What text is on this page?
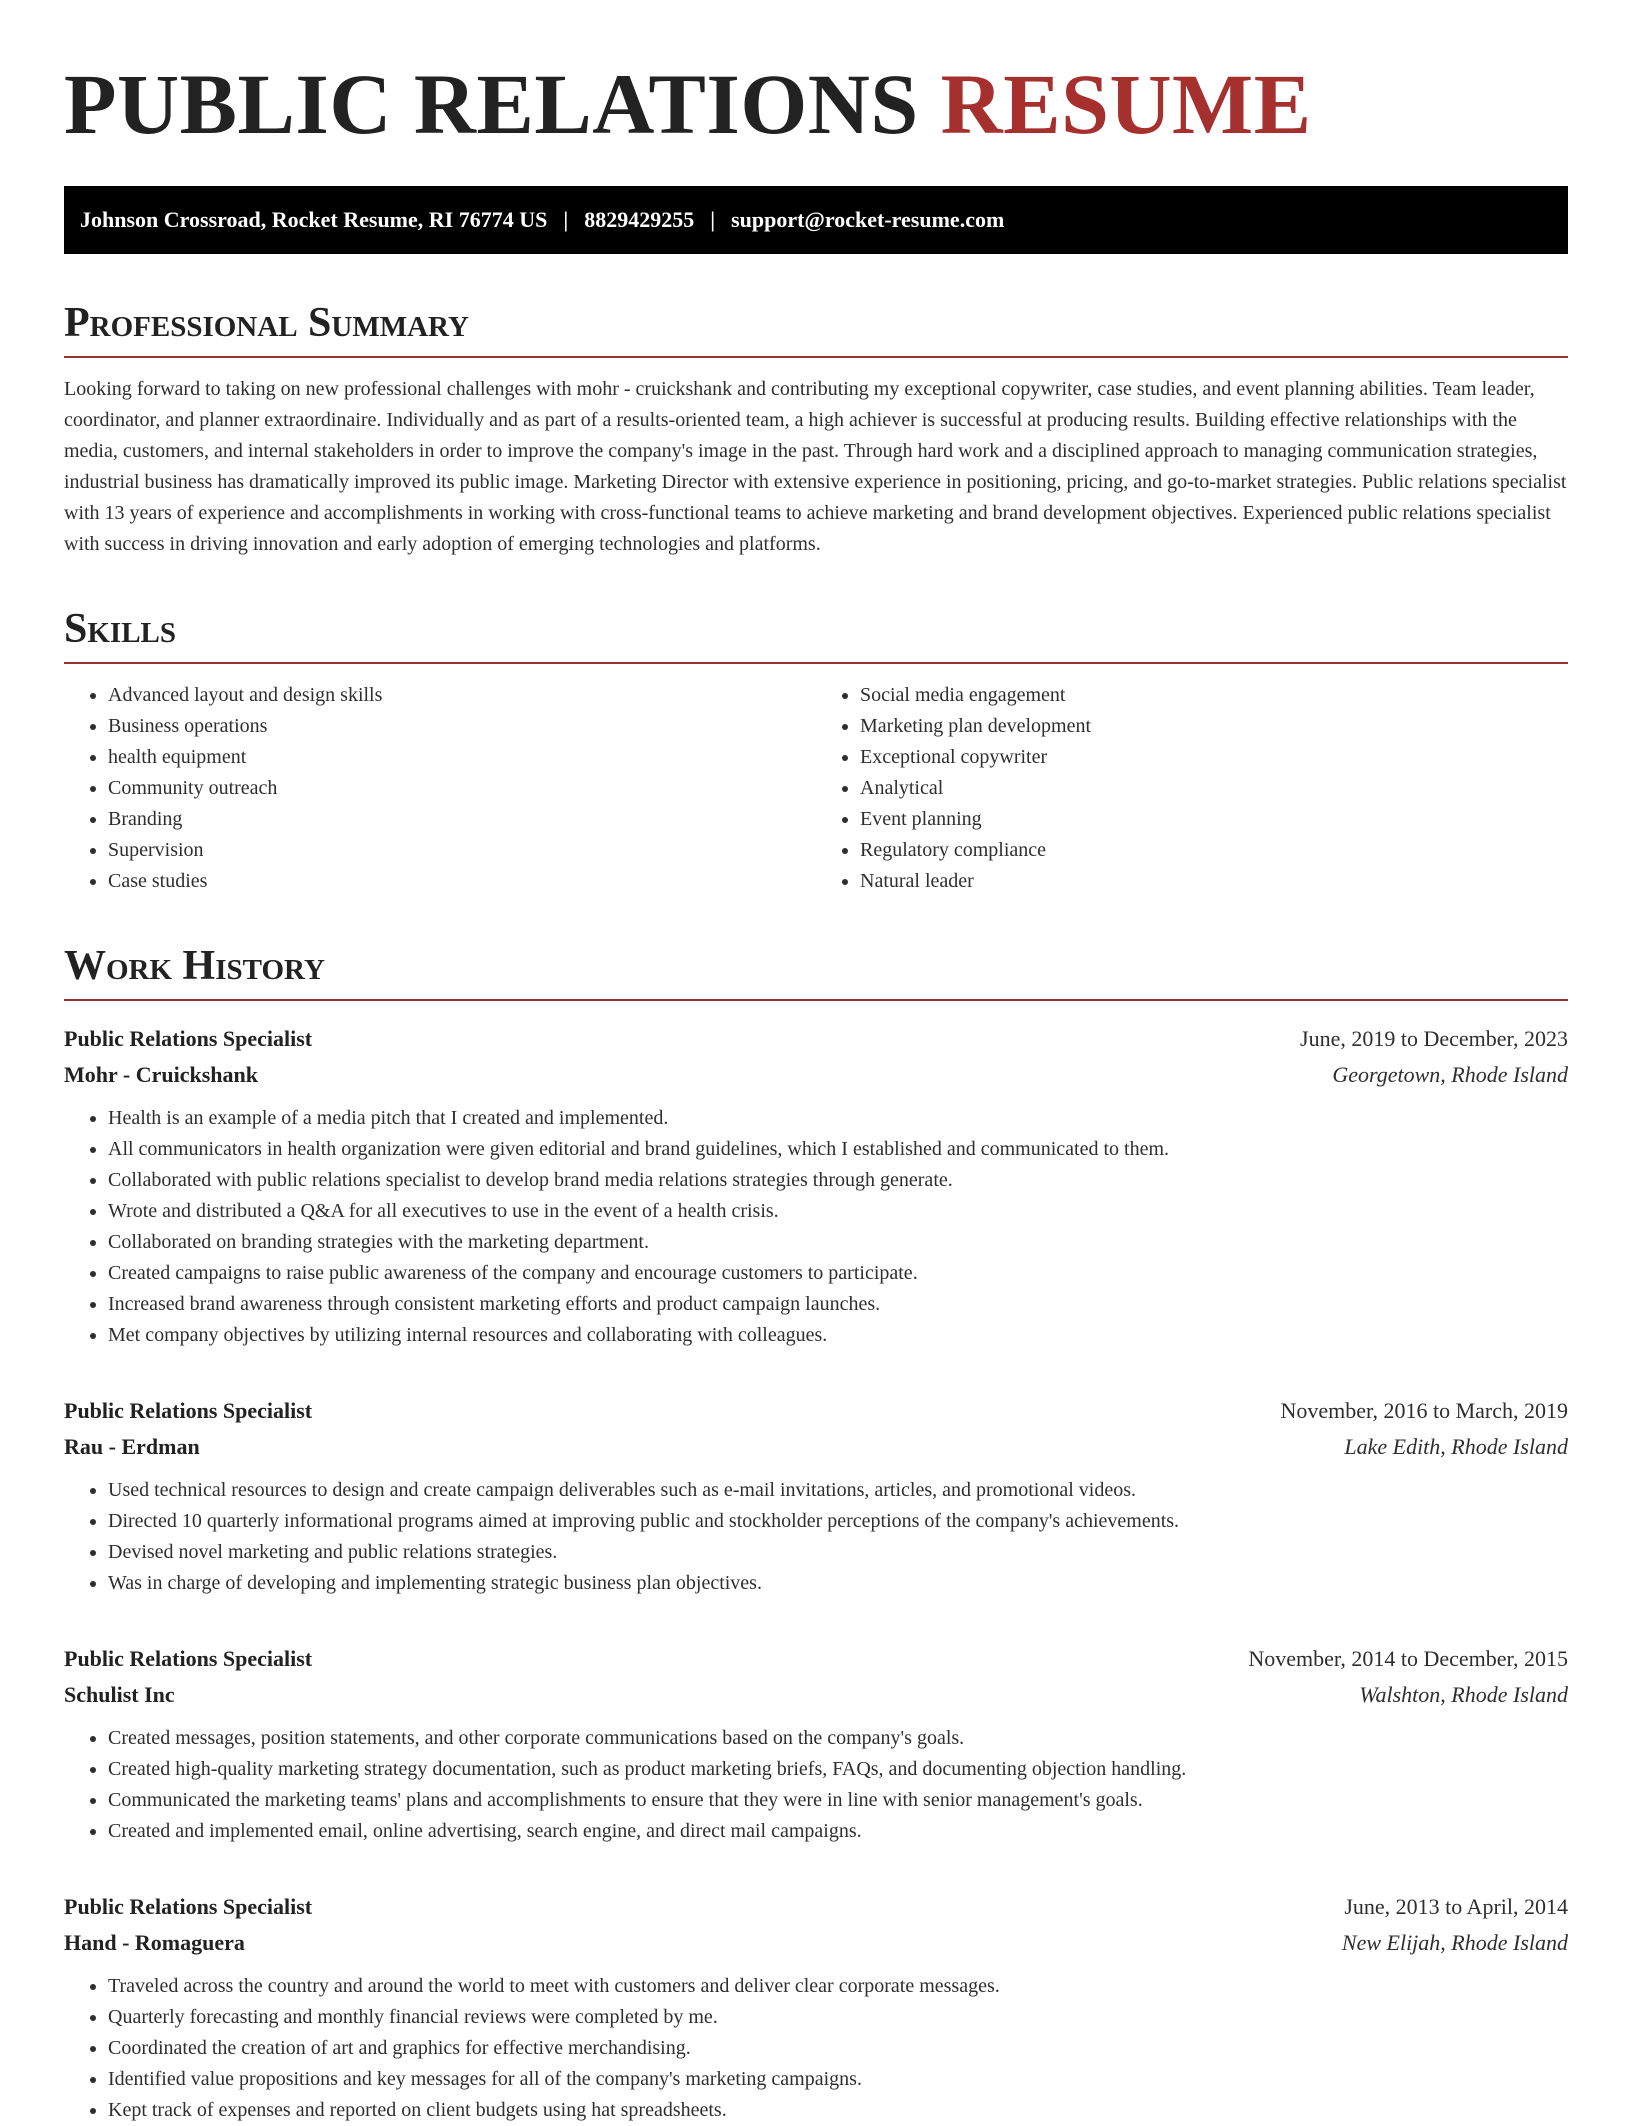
PUBLIC RELATIONS RESUME
Johnson Crossroad, Rocket Resume, RI 76774 US | 8829429255 | support@rocket-resume.com
Professional Summary

Looking forward to taking on new professional challenges with mohr - cruickshank and contributing my exceptional copywriter, case studies, and event planning abilities. Team leader, coordinator, and planner extraordinaire. Individually and as part of a results-oriented team, a high achiever is successful at producing results. Building effective relationships with the media, customers, and internal stakeholders in order to improve the company's image in the past. Through hard work and a disciplined approach to managing communication strategies, industrial business has dramatically improved its public image. Marketing Director with extensive experience in positioning, pricing, and go-to-market strategies. Public relations specialist with 13 years of experience and accomplishments in working with cross-functional teams to achieve marketing and brand development objectives. Experienced public relations specialist with success in driving innovation and early adoption of emerging technologies and platforms.

Skills
• Advanced layout and design skills
• Business operations
• health equipment
• Community outreach
• Branding
• Supervision
• Case studies
• Social media engagement
• Marketing plan development
• Exceptional copywriter
• Analytical
• Event planning
• Regulatory compliance
• Natural leader
Work History
Public Relations Specialist	June, 2019 to December, 2023
Mohr - Cruickshank	Georgetown, Rhode Island
• Health is an example of a media pitch that I created and implemented.
• All communicators in health organization were given editorial and brand guidelines, which I established and communicated to them.
• Collaborated with public relations specialist to develop brand media relations strategies through generate.
• Wrote and distributed a Q&A for all executives to use in the event of a health crisis.
• Collaborated on branding strategies with the marketing department.
• Created campaigns to raise public awareness of the company and encourage customers to participate.
• Increased brand awareness through consistent marketing efforts and product campaign launches.
• Met company objectives by utilizing internal resources and collaborating with colleagues.
Public Relations Specialist	November, 2016 to March, 2019
Rau - Erdman	Lake Edith, Rhode Island
• Used technical resources to design and create campaign deliverables such as e-mail invitations, articles, and promotional videos.
• Directed 10 quarterly informational programs aimed at improving public and stockholder perceptions of the company's achievements.
• Devised novel marketing and public relations strategies.
• Was in charge of developing and implementing strategic business plan objectives.
Public Relations Specialist	November, 2014 to December, 2015
Schulist Inc	Walshton, Rhode Island
• Created messages, position statements, and other corporate communications based on the company's goals.
• Created high-quality marketing strategy documentation, such as product marketing briefs, FAQs, and documenting objection handling.
• Communicated the marketing teams' plans and accomplishments to ensure that they were in line with senior management's goals.
• Created and implemented email, online advertising, search engine, and direct mail campaigns.
Public Relations Specialist	June, 2013 to April, 2014
Hand - Romaguera	New Elijah, Rhode Island
• Traveled across the country and around the world to meet with customers and deliver clear corporate messages.
• Quarterly forecasting and monthly financial reviews were completed by me.
• Coordinated the creation of art and graphics for effective merchandising.
• Identified value propositions and key messages for all of the company's marketing campaigns.
• Kept track of expenses and reported on client budgets using hat spreadsheets.
